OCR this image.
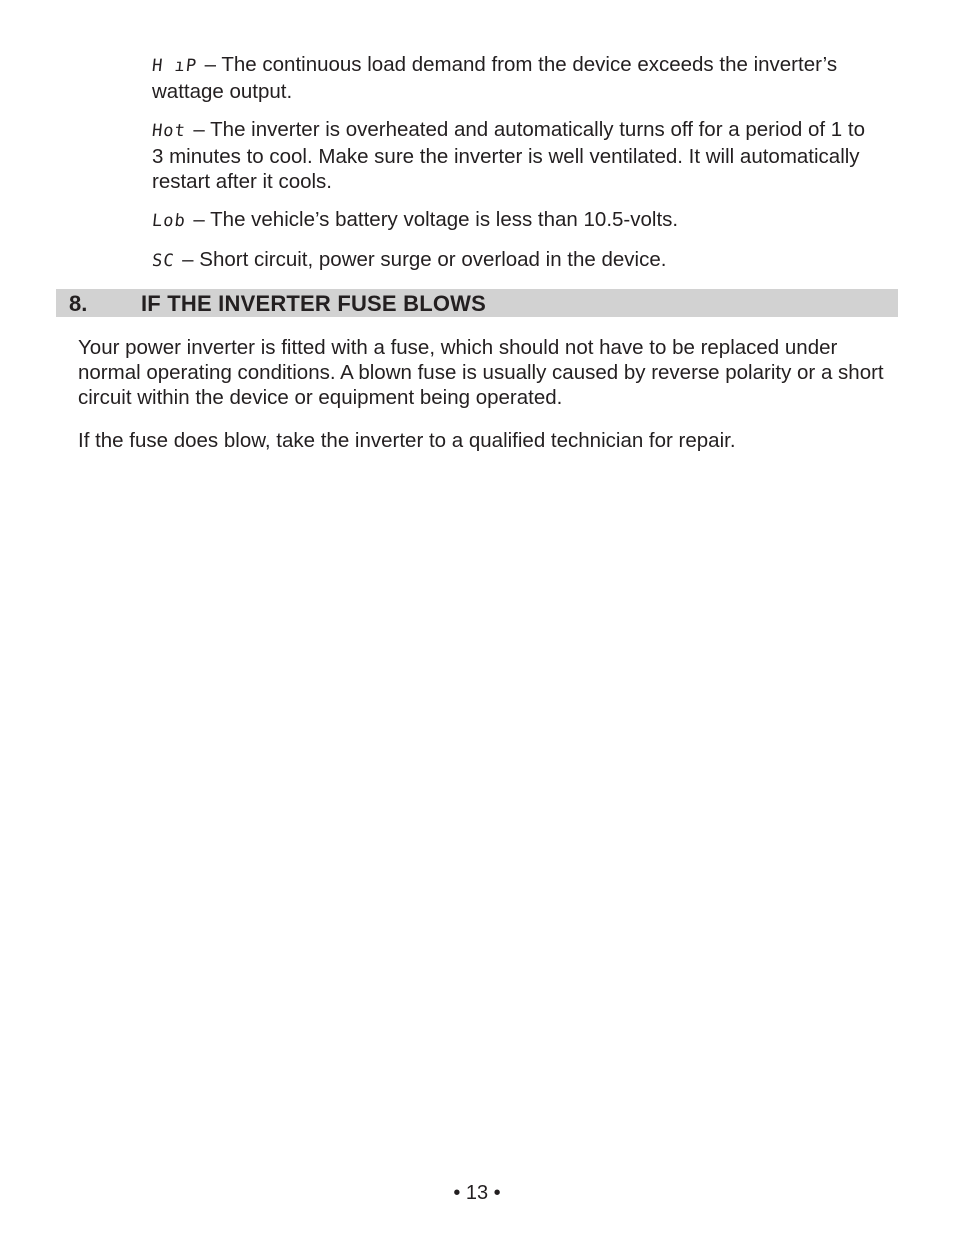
H ıP – The continuous load demand from the device exceeds the inverter’s wattage output.

Hot – The inverter is overheated and automatically turns off for a period of 1 to 3 minutes to cool. Make sure the inverter is well ventilated. It will automatically restart after it cools.

Lob – The vehicle’s battery voltage is less than 10.5-volts.

SC – Short circuit, power surge or overload in the device.

8. IF THE INVERTER FUSE BLOWS

Your power inverter is fitted with a fuse, which should not have to be replaced under normal operating conditions. A blown fuse is usually caused by reverse polarity or a short circuit within the device or equipment being operated.

If the fuse does blow, take the inverter to a qualified technician for repair.

• 13 •
